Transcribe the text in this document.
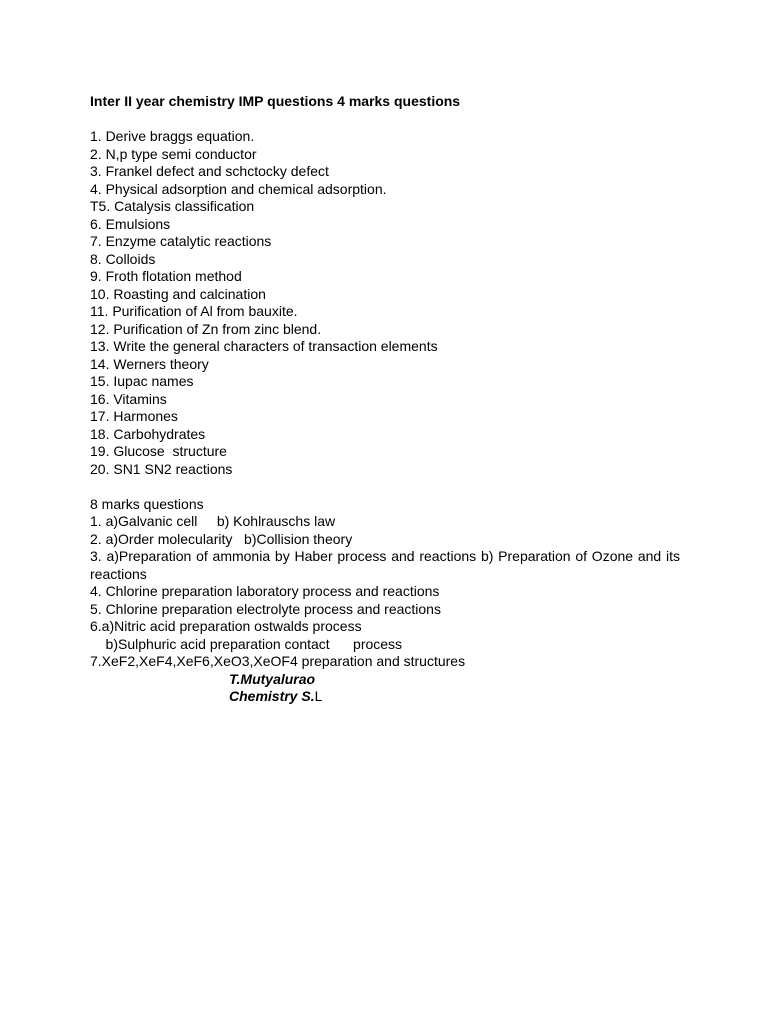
Inter II year chemistry IMP questions 4 marks questions

1. Derive braggs equation.

2. N,p type semi conductor

3. Frankel defect and schctocky defect

4. Physical adsorption and chemical adsorption.

T5. Catalysis classification

6. Emulsions

7. Enzyme catalytic reactions

8. Colloids

9. Froth flotation method

10. Roasting and calcination

11. Purification of Al from bauxite.

12. Purification of Zn from zinc blend.

13. Write the general characters of transaction elements

14. Werners theory

15. Iupac names

16. Vitamins

17. Harmones

18. Carbohydrates

19. Glucose  structure

20. SN1 SN2 reactions

8 marks questions

1. a)Galvanic cell     b) Kohlrauschs law

2. a)Order molecularity   b)Collision theory

3. a)Preparation of ammonia by Haber process and reactions b) Preparation of Ozone and its reactions

4. Chlorine preparation laboratory process and reactions

5. Chlorine preparation electrolyte process and reactions

6.a)Nitric acid preparation ostwalds process

b)Sulphuric acid preparation contact      process

7.XeF2,XeF4,XeF6,XeO3,XeOF4 preparation and structures

T.Mutyalurao

Chemistry S.L
